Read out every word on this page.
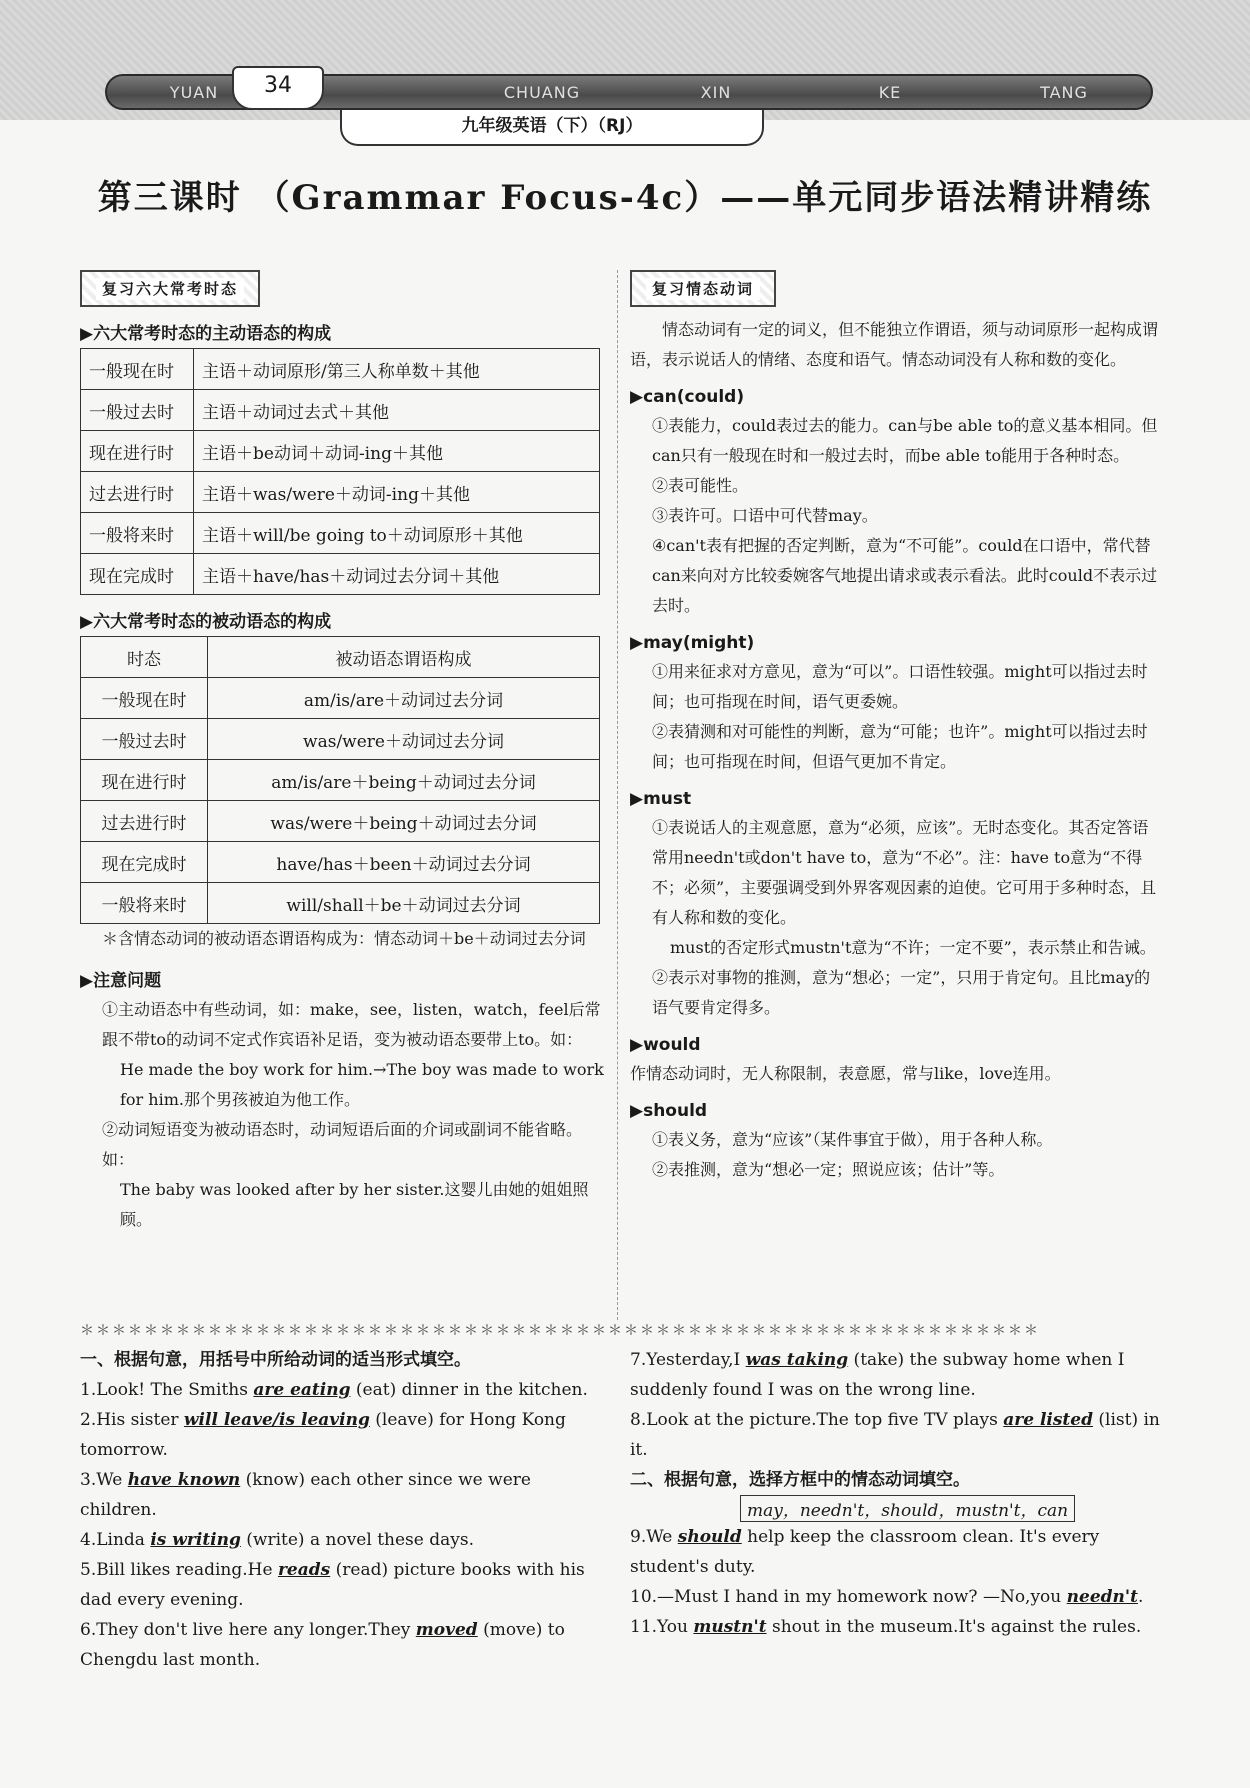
YUAN	CHUANG	XIN	KE	TANG
34
九年级英语（下）（RJ）
第三课时 （Grammar Focus-4c）——单元同步语法精讲精练
复习六大常考时态
▶六大常考时态的主动语态的构成
一般现在时	主语＋动词原形/第三人称单数＋其他
一般过去时	主语＋动词过去式＋其他
现在进行时	主语＋be动词＋动词-ing＋其他
过去进行时	主语＋was/were＋动词-ing＋其他
一般将来时	主语＋will/be going to＋动词原形＋其他
现在完成时	主语＋have/has＋动词过去分词＋其他
▶六大常考时态的被动语态的构成
时态	被动语态谓语构成
一般现在时	am/is/are＋动词过去分词
一般过去时	was/were＋动词过去分词
现在进行时	am/is/are＋being＋动词过去分词
过去进行时	was/were＋being＋动词过去分词
现在完成时	have/has＋been＋动词过去分词
一般将来时	will/shall＋be＋动词过去分词

＊含情态动词的被动语态谓语构成为：情态动词＋be＋动词过去分词

▶注意问题

①主动语态中有些动词，如：make，see，listen，watch，feel后常跟不带to的动词不定式作宾语补足语，变为被动语态要带上to。如：

He made the boy work for him.→The boy was made to work for him.那个男孩被迫为他工作。

②动词短语变为被动语态时，动词短语后面的介词或副词不能省略。如：

The baby was looked after by her sister.这婴儿由她的姐姐照顾。

复习情态动词

情态动词有一定的词义，但不能独立作谓语，须与动词原形一起构成谓语，表示说话人的情绪、态度和语气。情态动词没有人称和数的变化。

▶can(could)

①表能力，could表过去的能力。can与be able to的意义基本相同。但can只有一般现在时和一般过去时，而be able to能用于各种时态。

②表可能性。

③表许可。口语中可代替may。

④can't表有把握的否定判断，意为“不可能”。could在口语中，常代替can来向对方比较委婉客气地提出请求或表示看法。此时could不表示过去时。

▶may(might)

①用来征求对方意见，意为“可以”。口语性较强。might可以指过去时间；也可指现在时间，语气更委婉。

②表猜测和对可能性的判断，意为“可能；也许”。might可以指过去时间；也可指现在时间，但语气更加不肯定。

▶must

①表说话人的主观意愿，意为“必须，应该”。无时态变化。其否定答语常用needn't或don't have to，意为“不必”。注：have to意为“不得不；必须”，主要强调受到外界客观因素的迫使。它可用于多种时态，且有人称和数的变化。

must的否定形式mustn't意为“不许；一定不要”，表示禁止和告诫。

②表示对事物的推测，意为“想必；一定”，只用于肯定句。且比may的语气要肯定得多。

▶would

作情态动词时，无人称限制，表意愿，常与like，love连用。

▶should

①表义务，意为“应该”（某件事宜于做），用于各种人称。

②表推测，意为“想必一定；照说应该；估计”等。

＊＊＊＊＊＊＊＊＊＊＊＊＊＊＊＊＊＊＊＊＊＊＊＊＊＊＊＊＊＊＊＊＊＊＊＊＊＊＊＊＊＊＊＊＊＊＊＊＊＊＊＊＊＊＊＊＊＊＊＊
一、根据句意，用括号中所给动词的适当形式填空。
1.Look! The Smiths are eating (eat) dinner in the kitchen.
2.His sister will leave/is leaving (leave) for Hong Kong tomorrow.
3.We have known (know) each other since we were children.
4.Linda is writing (write) a novel these days.
5.Bill likes reading.He reads (read) picture books with his dad every evening.
6.They don't live here any longer.They moved (move) to Chengdu last month.
7.Yesterday,I was taking (take) the subway home when I suddenly found I was on the wrong line.
8.Look at the picture.The top five TV plays are listed (list) in it.
二、根据句意，选择方框中的情态动词填空。
may，needn't，should，mustn't，can
9.We should help keep the classroom clean. It's every student's duty.
10.—Must I hand in my homework now? —No,you needn't.
11.You mustn't shout in the museum.It's against the rules.
